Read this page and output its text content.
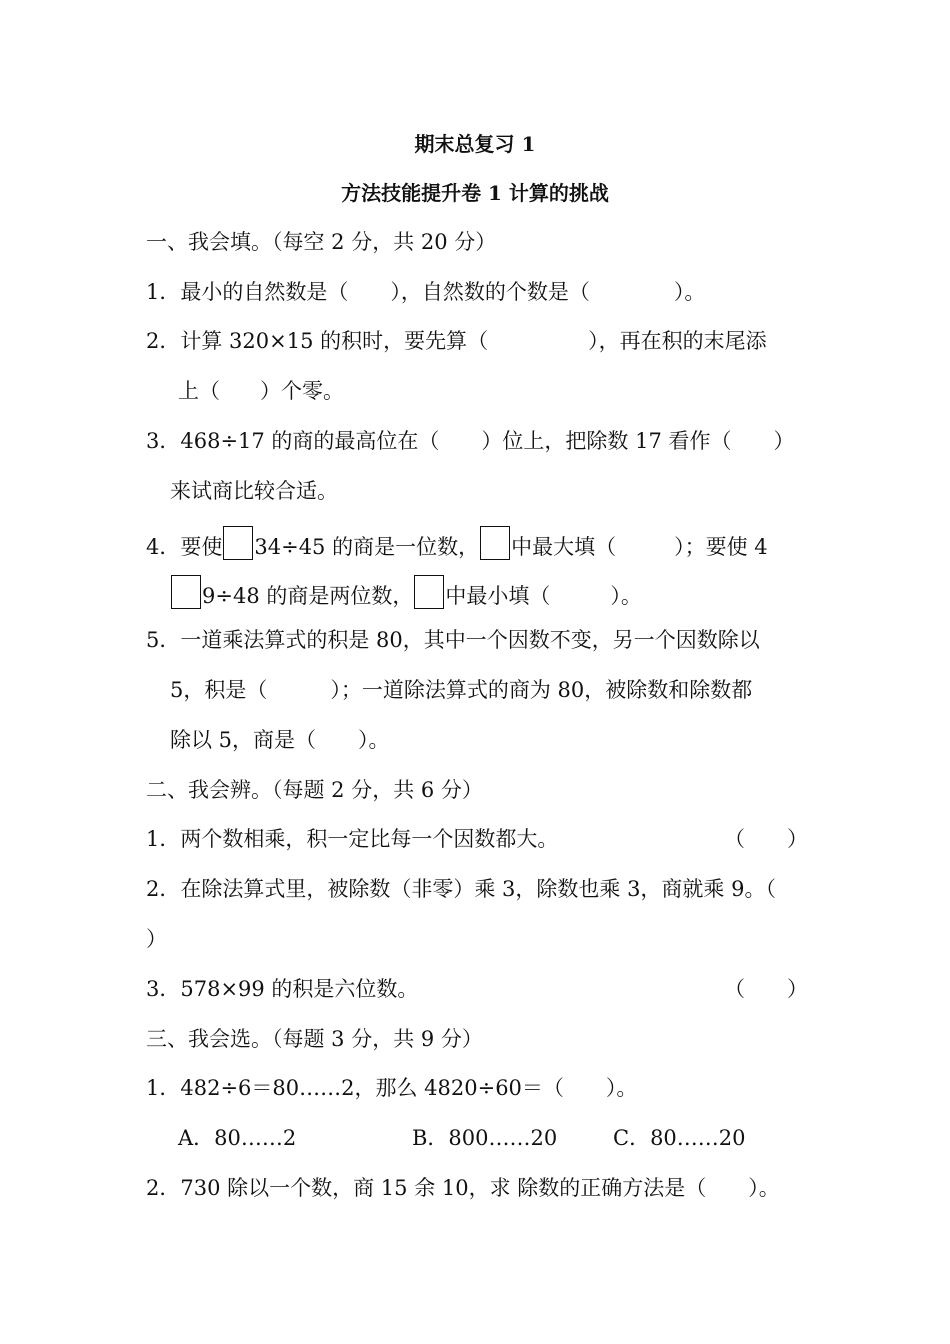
期末总复习 1
方法技能提升卷 1 计算的挑战
一、我会填。（每空 2 分，共 20 分）
1．最小的自然数是（ ），自然数的个数是（	）。
2．计算 320×15 的积时，要先算（	），再在积的末尾添
上（ ）个零。
3．468÷17 的商的最高位在（　　）位上，把除数 17 看作（　　）
来试商比较合适。
4．要使 34÷45 的商是一位数， 中最大填（	）；要使 4
9÷48 的商是两位数， 中最小填（	）。
5．一道乘法算式的积是 80，其中一个因数不变，另一个因数除以
5，积是（　　　）；一道除法算式的商为 80，被除数和除数都
除以 5，商是（　　）。
二、我会辨。（每题 2 分，共 6 分）
1．两个数相乘，积一定比每一个因数都大。	（　　）
2．在除法算式里，被除数（非零）乘 3，除数也乘 3，商就乘 9。（
）
3．578×99 的积是六位数。	（　　）
三、我会选。（每题 3 分，共 9 分）
1．482÷6＝80……2，那么 4820÷60＝（　　）。
A．80……2	B．800……20	C．80……20
2．730 除以一个数，商 15 余 10，求 除数的正确方法是（　　）。
